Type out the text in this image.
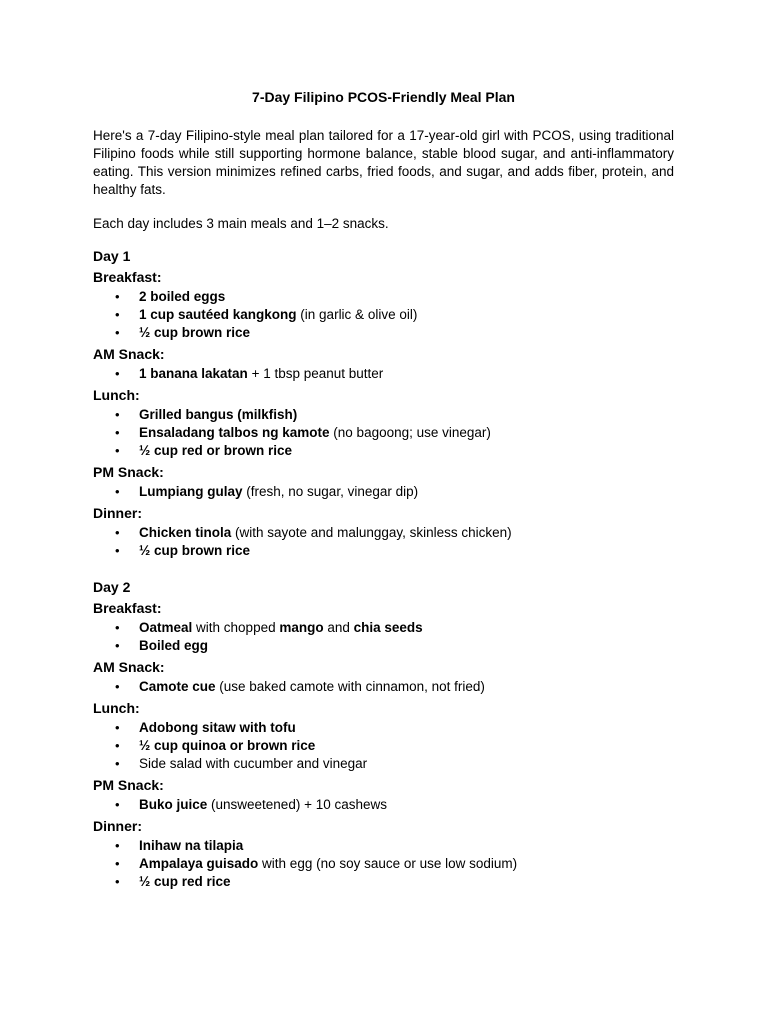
7-Day Filipino PCOS-Friendly Meal Plan

Here's a 7-day Filipino-style meal plan tailored for a 17-year-old girl with PCOS, using traditional Filipino foods while still supporting hormone balance, stable blood sugar, and anti-inflammatory eating. This version minimizes refined carbs, fried foods, and sugar, and adds fiber, protein, and healthy fats.

Each day includes 3 main meals and 1–2 snacks.

Day 1
Breakfast:
• 2 boiled eggs
• 1 cup sautéed kangkong (in garlic & olive oil)
• ½ cup brown rice
AM Snack:
• 1 banana lakatan + 1 tbsp peanut butter
Lunch:
• Grilled bangus (milkfish)
• Ensaladang talbos ng kamote (no bagoong; use vinegar)
• ½ cup red or brown rice
PM Snack:
• Lumpiang gulay (fresh, no sugar, vinegar dip)
Dinner:
• Chicken tinola (with sayote and malunggay, skinless chicken)
• ½ cup brown rice
Day 2
Breakfast:
• Oatmeal with chopped mango and chia seeds
• Boiled egg
AM Snack:
• Camote cue (use baked camote with cinnamon, not fried)
Lunch:
• Adobong sitaw with tofu
• ½ cup quinoa or brown rice
• Side salad with cucumber and vinegar
PM Snack:
• Buko juice (unsweetened) + 10 cashews
Dinner:
• Inihaw na tilapia
• Ampalaya guisado with egg (no soy sauce or use low sodium)
• ½ cup red rice
